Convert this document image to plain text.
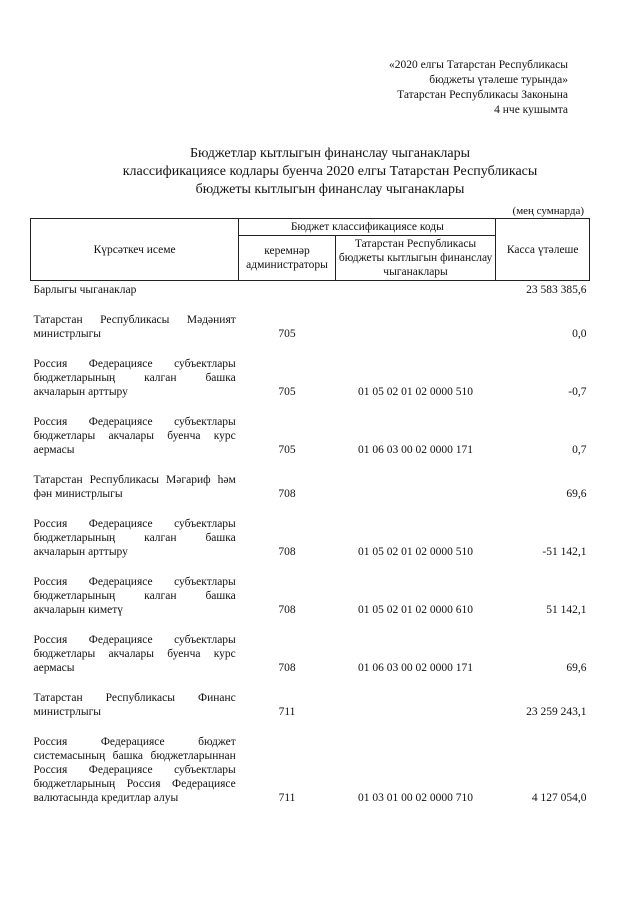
«2020 елгы Татарстан Республикасы
бюджеты үтәлеше турында»
Татарстан Республикасы Законына
4 нче кушымта
Бюджетлар кытлыгын финанслау чыганаклары
классификациясе кодлары буенча 2020 елгы Татарстан Республикасы
бюджеты кытлыгын финанслау чыганаклары
(мең сумнарда)
Күрсәткеч исеме	Бюджет классификациясе коды		Касса үтәлеше
	керемнәр администраторы	Татарстан Республикасы бюджеты кытлыгын финанслау чыганаклары	
Барлыгы чыганаклар			23 583 385,6

Татарстан Республикасы Мәдәният министрлыгы	705		0,0

Россия Федерациясе субъектлары бюджетларының калган башка акчаларын арттыру	705	01 05 02 01 02 0000 510	-0,7

Россия Федерациясе субъектлары бюджетлары акчалары буенча курс аермасы	705	01 06 03 00 02 0000 171	0,7

Татарстан Республикасы Мәгариф һәм фән министрлыгы	708		69,6

Россия Федерациясе субъектлары бюджетларының калган башка акчаларын арттыру	708	01 05 02 01 02 0000 510	-51 142,1

Россия Федерациясе субъектлары бюджетларының калган башка акчаларын киметү	708	01 05 02 01 02 0000 610	51 142,1

Россия Федерациясе субъектлары бюджетлары акчалары буенча курс аермасы	708	01 06 03 00 02 0000 171	69,6

Татарстан Республикасы Финанс министрлыгы	711		23 259 243,1

Россия Федерациясе бюджет системасының башка бюджетларыннан Россия Федерациясе субъектлары бюджетларының Россия Федерациясе валютасында кредитлар алуы	711	01 03 01 00 02 0000 710	4 127 054,0
